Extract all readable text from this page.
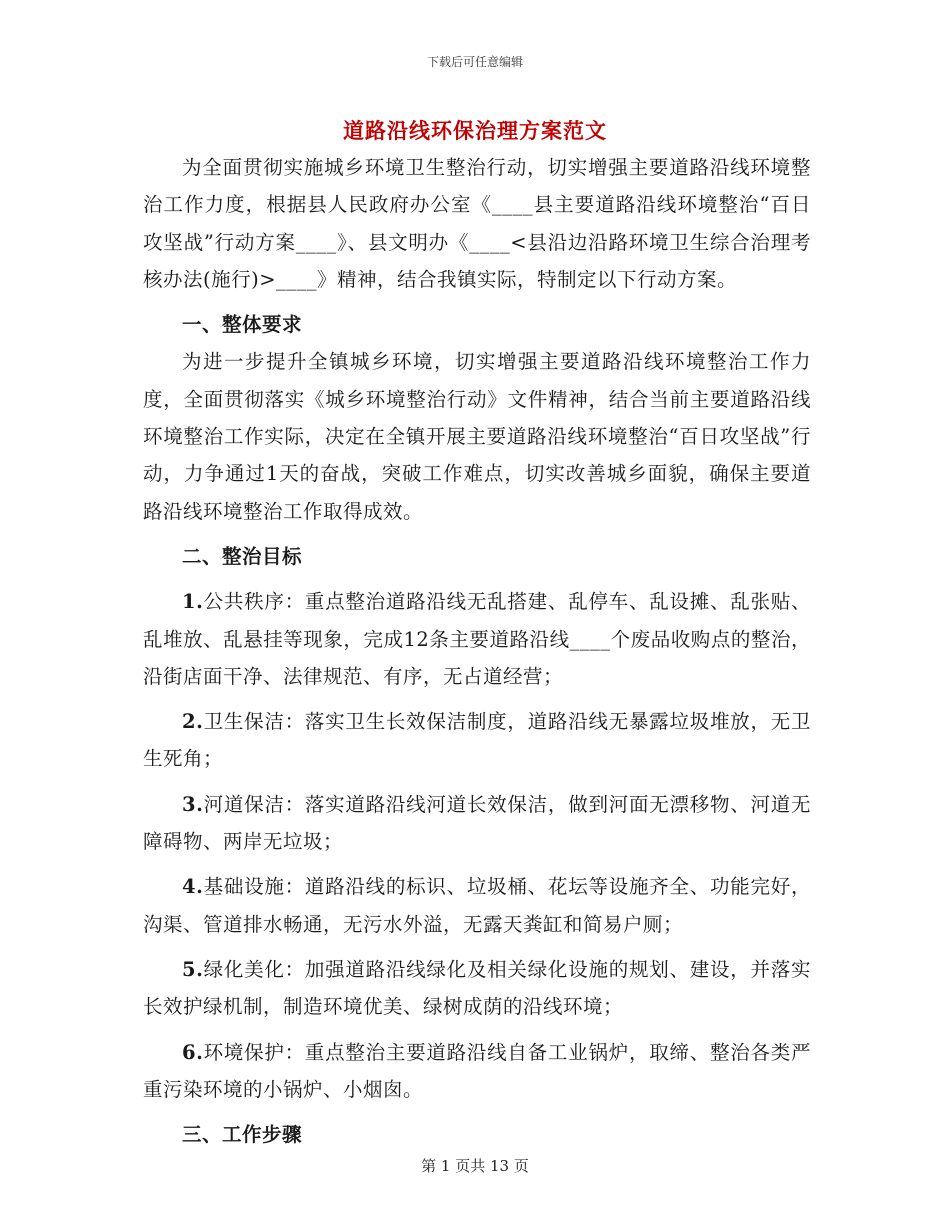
下载后可任意编辑
道路沿线环保治理方案范文

为全面贯彻实施城乡环境卫生整治行动，切实增强主要道路沿线环境整治工作力度，根据县人民政府办公室《____县主要道路沿线环境整治“百日攻坚战”行动方案____》、县文明办《____<县沿边沿路环境卫生综合治理考核办法(施行)>____》精神，结合我镇实际，特制定以下行动方案。

一、整体要求

为进一步提升全镇城乡环境，切实增强主要道路沿线环境整治工作力度，全面贯彻落实《城乡环境整治行动》文件精神，结合当前主要道路沿线环境整治工作实际，决定在全镇开展主要道路沿线环境整治“百日攻坚战”行动，力争通过1天的奋战，突破工作难点，切实改善城乡面貌，确保主要道路沿线环境整治工作取得成效。

二、整治目标

1.公共秩序：重点整治道路沿线无乱搭建、乱停车、乱设摊、乱张贴、乱堆放、乱悬挂等现象，完成12条主要道路沿线____个废品收购点的整治，沿街店面干净、法律规范、有序，无占道经营；

2.卫生保洁：落实卫生长效保洁制度，道路沿线无暴露垃圾堆放，无卫生死角；

3.河道保洁：落实道路沿线河道长效保洁，做到河面无漂移物、河道无障碍物、两岸无垃圾；

4.基础设施：道路沿线的标识、垃圾桶、花坛等设施齐全、功能完好，沟渠、管道排水畅通，无污水外溢，无露天粪缸和简易户厕；

5.绿化美化：加强道路沿线绿化及相关绿化设施的规划、建设，并落实长效护绿机制，制造环境优美、绿树成荫的沿线环境；

6.环境保护：重点整治主要道路沿线自备工业锅炉，取缔、整治各类严重污染环境的小锅炉、小烟囱。

三、工作步骤

第 1 页共 13 页
